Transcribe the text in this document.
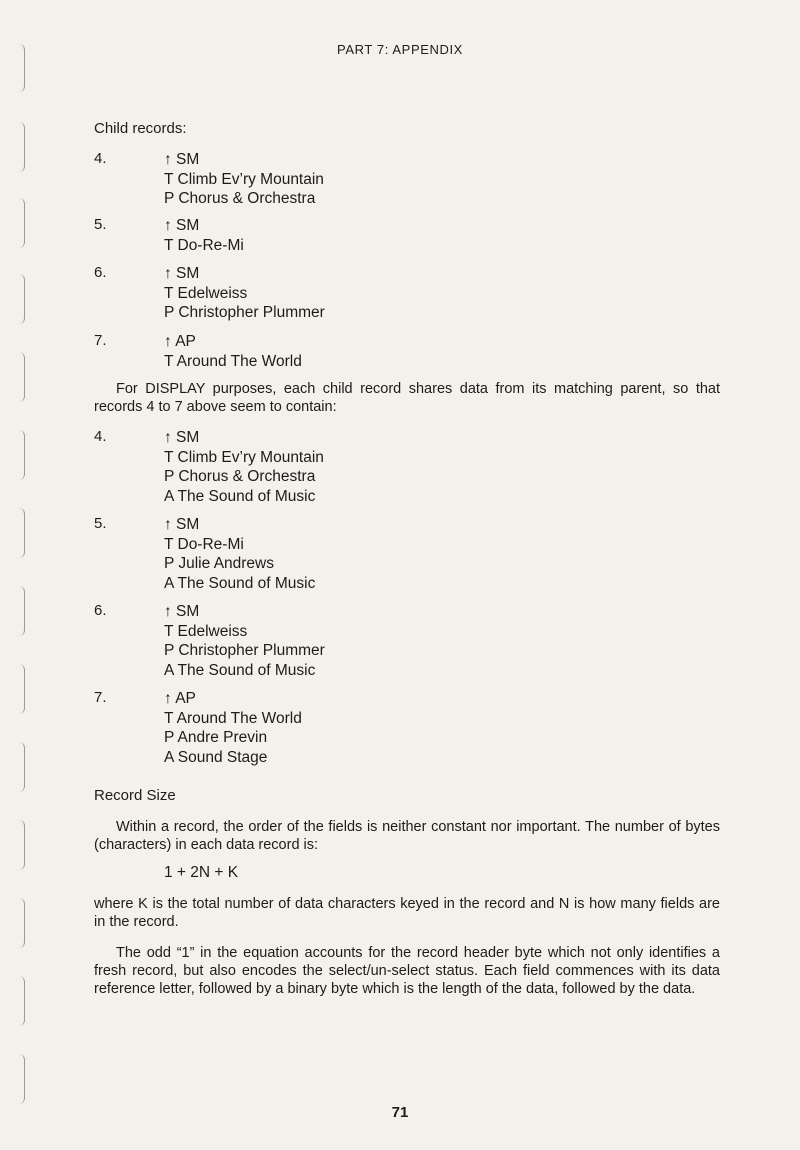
PART 7: APPENDIX

Child records:

4.	↑ SM
T Climb Ev’ry Mountain
P Chorus & Orchestra
5.	↑ SM
T Do-Re-Mi
6.	↑ SM
T Edelweiss
P Christopher Plummer
7.	↑ AP
T Around The World

For DISPLAY purposes, each child record shares data from its matching parent, so that records 4 to 7 above seem to contain:

4.	↑ SM
T Climb Ev’ry Mountain
P Chorus & Orchestra
A The Sound of Music
5.	↑ SM
T Do-Re-Mi
P Julie Andrews
A The Sound of Music
6.	↑ SM
T Edelweiss
P Christopher Plummer
A The Sound of Music
7.	↑ AP
T Around The World
P Andre Previn
A Sound Stage
Record Size

Within a record, the order of the fields is neither constant nor important. The number of bytes (characters) in each data record is:

1 + 2N + K

where K is the total number of data characters keyed in the record and N is how many fields are in the record.

The odd “1” in the equation accounts for the record header byte which not only identifies a fresh record, but also encodes the select/un-select status. Each field commences with its data reference letter, followed by a binary byte which is the length of the data, followed by the data.

71
